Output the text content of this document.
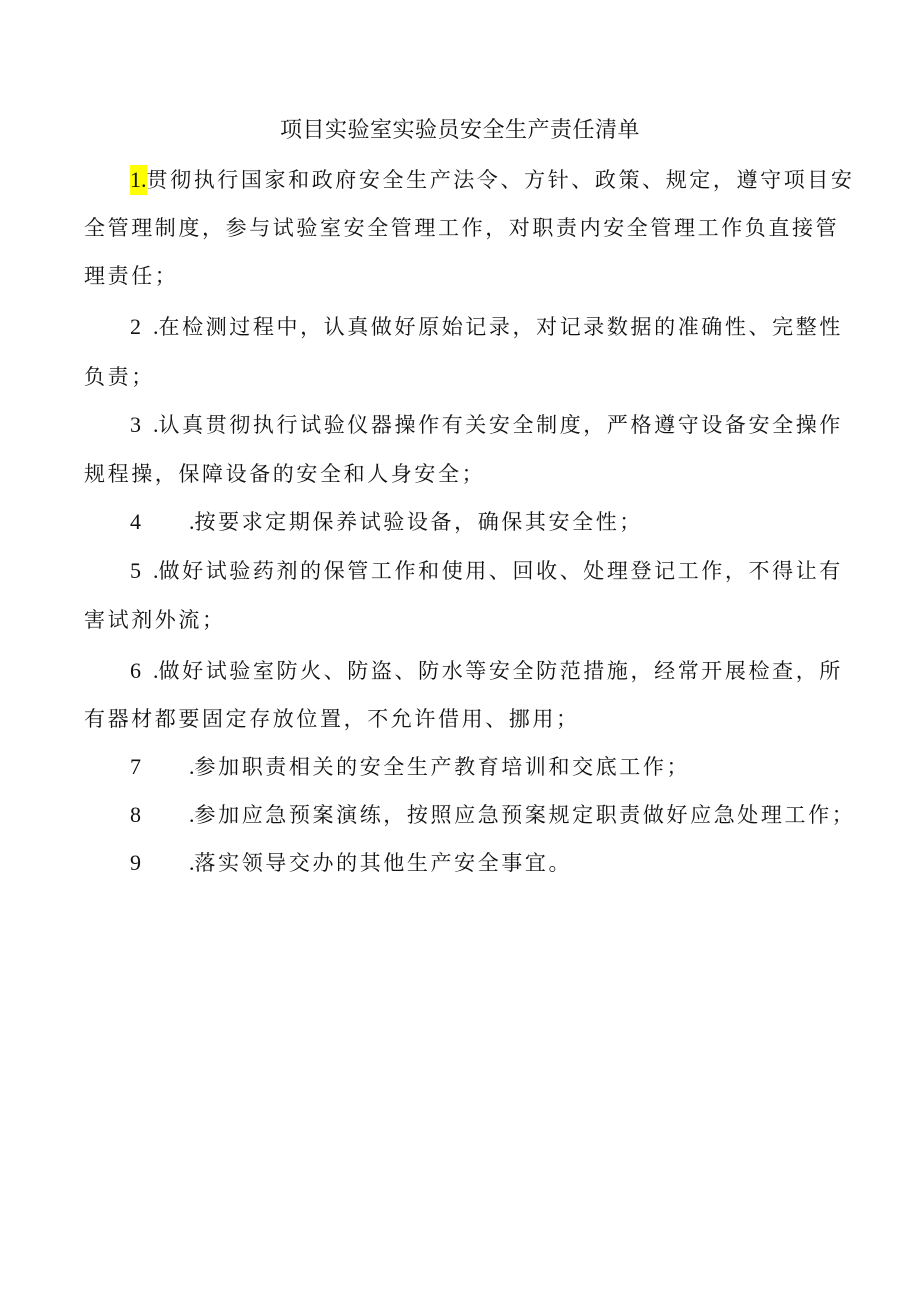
项目实验室实验员安全生产责任清单
1.贯彻执行国家和政府安全生产法令、方针、政策、规定，遵守项目安
全管理制度，参与试验室安全管理工作，对职责内安全管理工作负直接管
理责任；
2 .在检测过程中，认真做好原始记录，对记录数据的准确性、完整性
负责；
3 .认真贯彻执行试验仪器操作有关安全制度，严格遵守设备安全操作
规程操，保障设备的安全和人身安全；
4 .按要求定期保养试验设备，确保其安全性；
5 .做好试验药剂的保管工作和使用、回收、处理登记工作，不得让有
害试剂外流；
6 .做好试验室防火、防盗、防水等安全防范措施，经常开展检查，所
有器材都要固定存放位置，不允许借用、挪用；
7 .参加职责相关的安全生产教育培训和交底工作；
8 .参加应急预案演练，按照应急预案规定职责做好应急处理工作；
9 .落实领导交办的其他生产安全事宜。
